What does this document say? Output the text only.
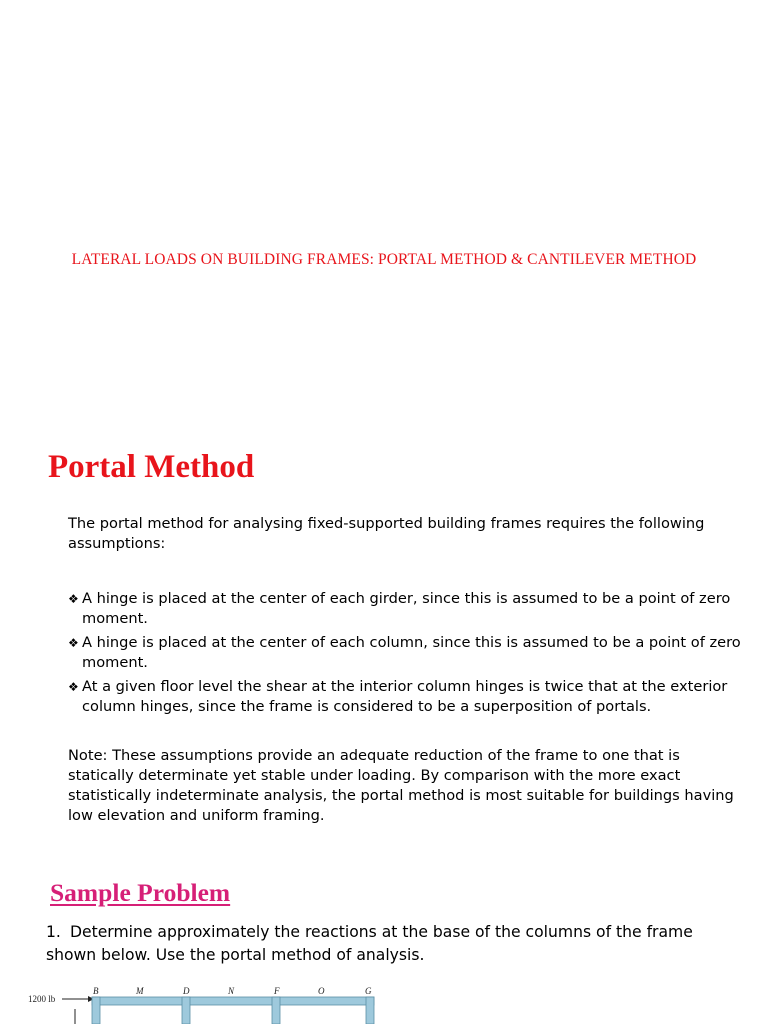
LATERAL LOADS ON BUILDING FRAMES: PORTAL METHOD & CANTILEVER METHOD
Portal Method
The portal method for analysing fixed-supported building frames requires the following assumptions:
❖ A hinge is placed at the center of each girder, since this is assumed to be a point of zero moment.
❖ A hinge is placed at the center of each column, since this is assumed to be a point of zero moment.
❖ At a given floor level the shear at the interior column hinges is twice that at the exterior column hinges, since the frame is considered to be a superposition of portals.
Note: These assumptions provide an adequate reduction of the frame to one that is statically determinate yet stable under loading. By comparison with the more exact statistically indeterminate analysis, the portal method is most suitable for buildings having low elevation and uniform framing.
Sample Problem
1. Determine approximately the reactions at the base of the columns of the frame shown below. Use the portal method of analysis.
1200 lb
B	M	D	N	F	O	G
